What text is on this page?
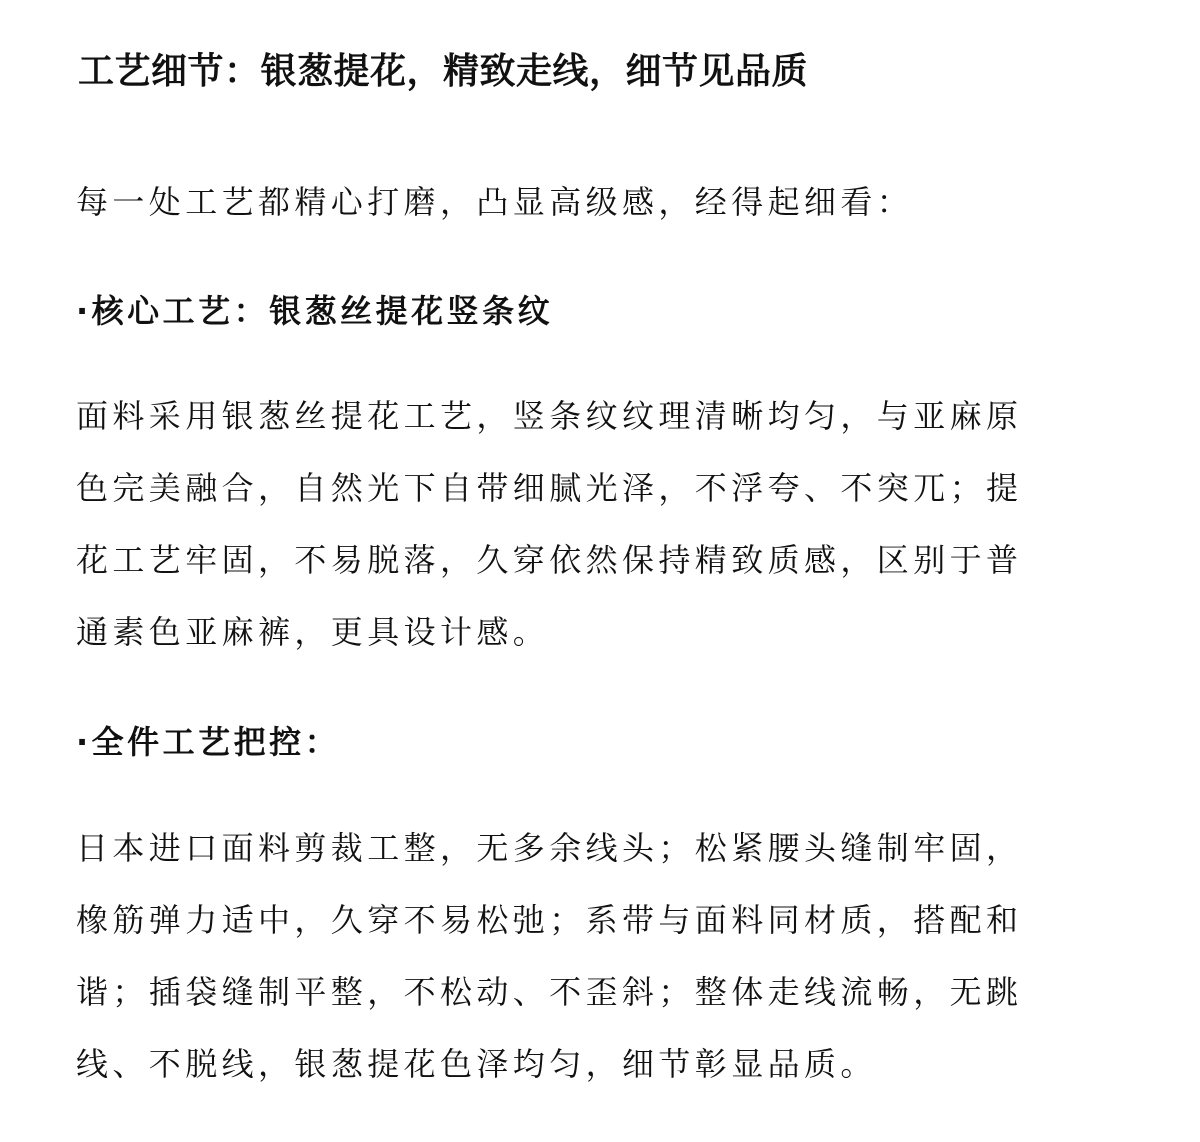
工艺细节：银葱提花，精致走线，细节见品质

每一处工艺都精心打磨，凸显高级感，经得起细看：

·核心工艺：银葱丝提花竖条纹
面料采用银葱丝提花工艺，竖条纹纹理清晰均匀，与亚麻原
色完美融合，自然光下自带细腻光泽，不浮夸、不突兀；提
花工艺牢固，不易脱落，久穿依然保持精致质感，区别于普
通素色亚麻裤，更具设计感。
·全件工艺把控：
日本进口面料剪裁工整，无多余线头；松紧腰头缝制牢固，
橡筋弹力适中，久穿不易松弛；系带与面料同材质，搭配和
谐；插袋缝制平整，不松动、不歪斜；整体走线流畅，无跳
线、不脱线，银葱提花色泽均匀，细节彰显品质。
